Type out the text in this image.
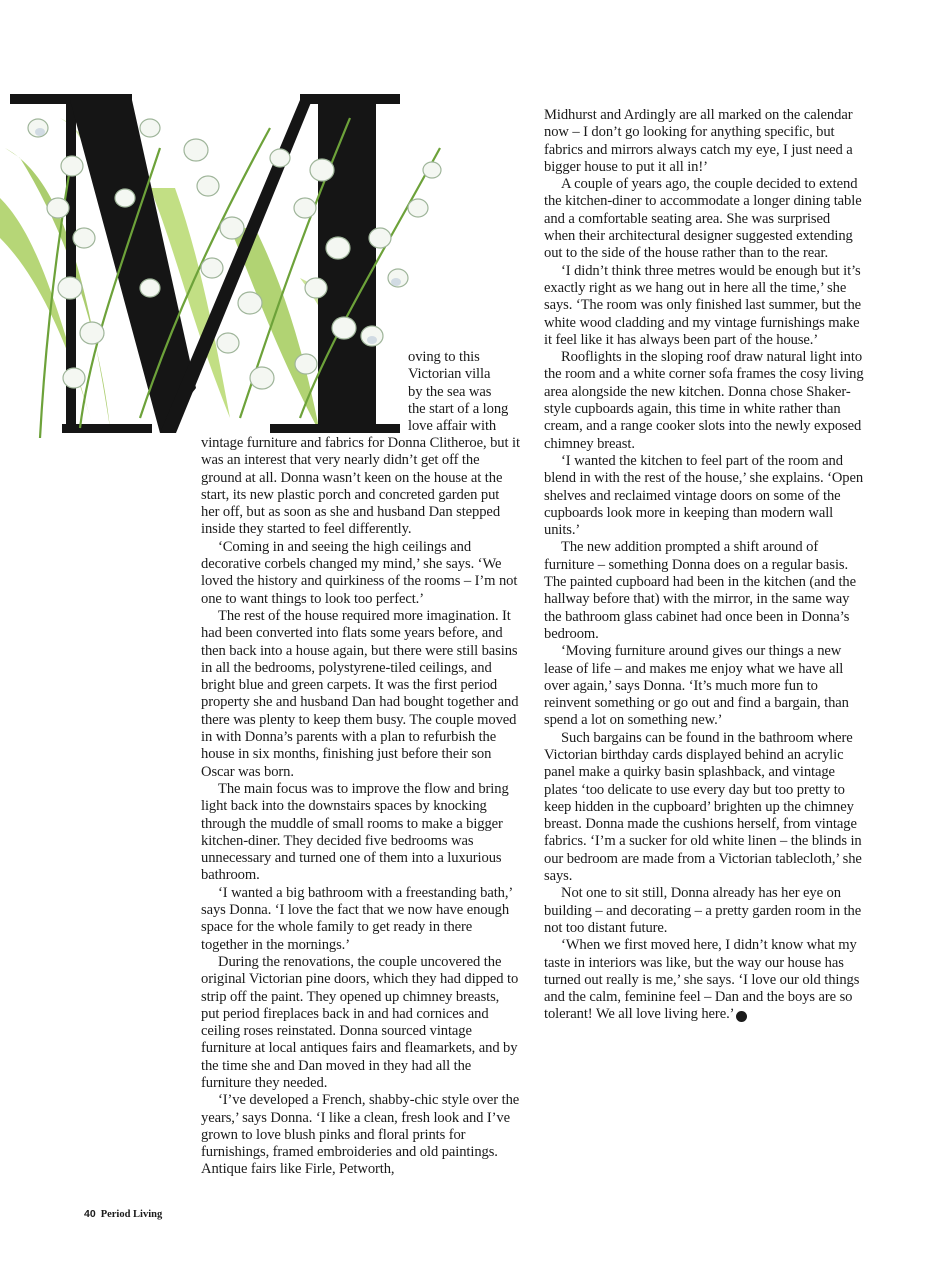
oving to this
Victorian villa
by the sea was
the start of a long
love affair with

vintage furniture and fabrics for Donna Clitheroe, but it was an interest that very nearly didn’t get off the ground at all. Donna wasn’t keen on the house at the start, its new plastic porch and concreted garden put her off, but as soon as she and husband Dan stepped inside they started to feel differently.

‘Coming in and seeing the high ceilings and decorative corbels changed my mind,’ she says. ‘We loved the history and quirkiness of the rooms – I’m not one to want things to look too perfect.’

The rest of the house required more imagination. It had been converted into flats some years before, and then back into a house again, but there were still basins in all the bedrooms, polystyrene-tiled ceilings, and bright blue and green carpets. It was the first period property she and husband Dan had bought together and there was plenty to keep them busy. The couple moved in with Donna’s parents with a plan to refurbish the house in six months, finishing just before their son Oscar was born.

The main focus was to improve the flow and bring light back into the downstairs spaces by knocking through the muddle of small rooms to make a bigger kitchen-diner. They decided five bedrooms was unnecessary and turned one of them into a luxurious bathroom.

‘I wanted a big bathroom with a freestanding bath,’ says Donna. ‘I love the fact that we now have enough space for the whole family to get ready in there together in the mornings.’

During the renovations, the couple uncovered the original Victorian pine doors, which they had dipped to strip off the paint. They opened up chimney breasts, put period fireplaces back in and had cornices and ceiling roses reinstated. Donna sourced vintage furniture at local antiques fairs and fleamarkets, and by the time she and Dan moved in they had all the furniture they needed.

‘I’ve developed a French, shabby-chic style over the years,’ says Donna. ‘I like a clean, fresh look and I’ve grown to love blush pinks and floral prints for furnishings, framed embroideries and old paintings. Antique fairs like Firle, Petworth,

Midhurst and Ardingly are all marked on the calendar now – I don’t go looking for anything specific, but fabrics and mirrors always catch my eye, I just need a bigger house to put it all in!’

A couple of years ago, the couple decided to extend the kitchen-diner to accommodate a longer dining table and a comfortable seating area. She was surprised when their architectural designer suggested extending out to the side of the house rather than to the rear.

‘I didn’t think three metres would be enough but it’s exactly right as we hang out in here all the time,’ she says. ‘The room was only finished last summer, but the white wood cladding and my vintage furnishings make it feel like it has always been part of the house.’

Rooflights in the sloping roof draw natural light into the room and a white corner sofa frames the cosy living area alongside the new kitchen. Donna chose Shaker-style cupboards again, this time in white rather than cream, and a range cooker slots into the newly exposed chimney breast.

‘I wanted the kitchen to feel part of the room and blend in with the rest of the house,’ she explains. ‘Open shelves and reclaimed vintage doors on some of the cupboards look more in keeping than modern wall units.’

The new addition prompted a shift around of furniture – something Donna does on a regular basis. The painted cupboard had been in the kitchen (and the hallway before that) with the mirror, in the same way the bathroom glass cabinet had once been in Donna’s bedroom.

‘Moving furniture around gives our things a new lease of life – and makes me enjoy what we have all over again,’ says Donna. ‘It’s much more fun to reinvent something or go out and find a bargain, than spend a lot on something new.’

Such bargains can be found in the bathroom where Victorian birthday cards displayed behind an acrylic panel make a quirky basin splashback, and vintage plates ‘too delicate to use every day but too pretty to keep hidden in the cupboard’ brighten up the chimney breast. Donna made the cushions herself, from vintage fabrics. ‘I’m a sucker for old white linen – the blinds in our bedroom are made from a Victorian tablecloth,’ she says.

Not one to sit still, Donna already has her eye on building – and decorating – a pretty garden room in the not too distant future.

‘When we first moved here, I didn’t know what my taste in interiors was like, but the way our house has turned out really is me,’ she says. ‘I love our old things and the calm, feminine feel – Dan and the boys are so tolerant! We all love living here.’	PL

40 Period Living
